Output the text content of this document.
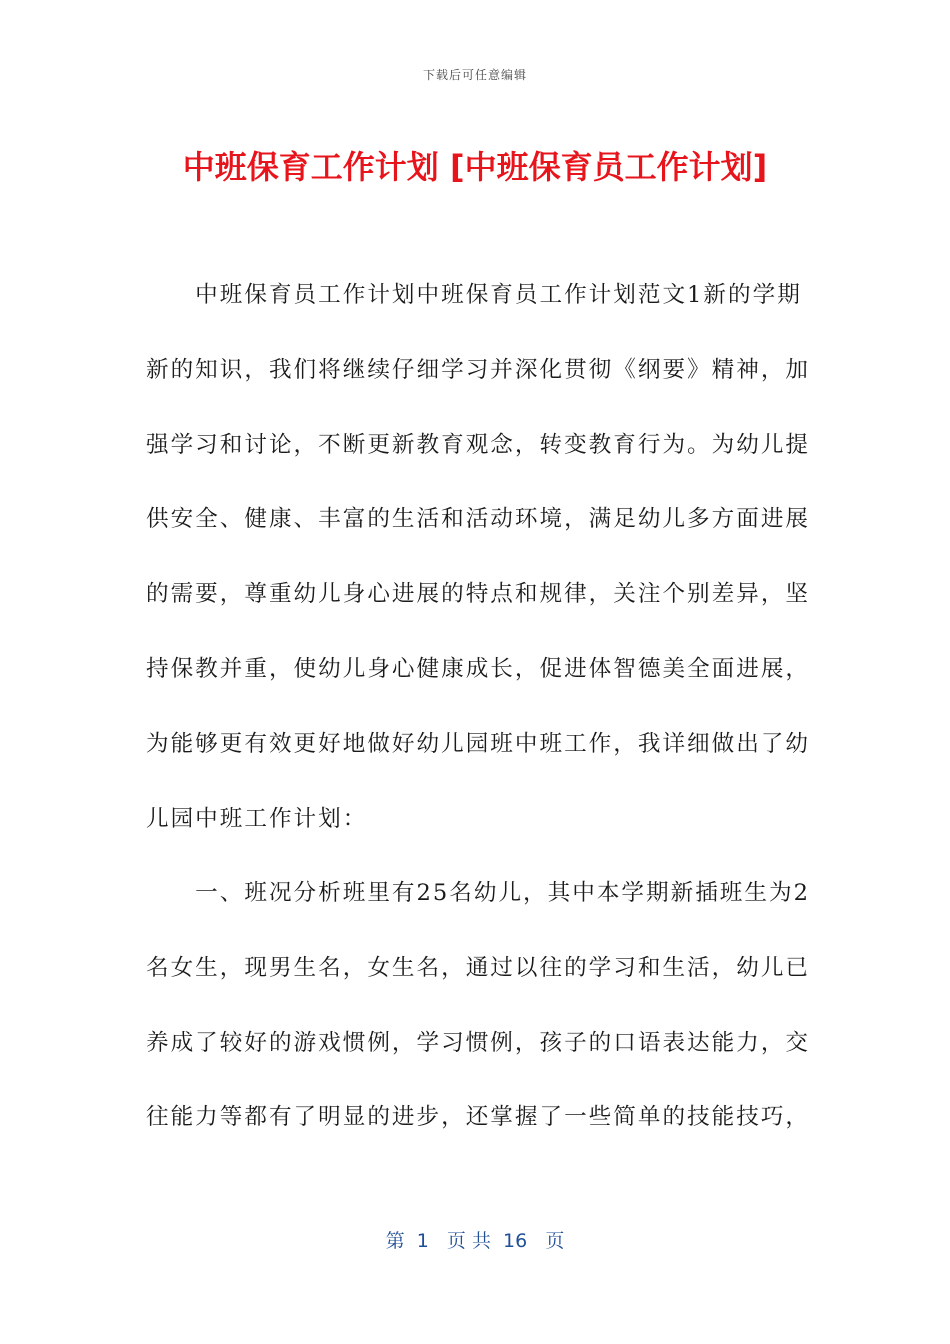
下载后可任意编辑
中班保育工作计划 [中班保育员工作计划]
　　中班保育员工作计划中班保育员工作计划范文1新的学期
新的知识，我们将继续仔细学习并深化贯彻《纲要》精神，加
强学习和讨论，不断更新教育观念，转变教育行为。为幼儿提
供安全、健康、丰富的生活和活动环境，满足幼儿多方面进展
的需要，尊重幼儿身心进展的特点和规律，关注个别差异，坚
持保教并重，使幼儿身心健康成长，促进体智德美全面进展，
为能够更有效更好地做好幼儿园班中班工作，我详细做出了幼
儿园中班工作计划：
　　一、班况分析班里有25名幼儿，其中本学期新插班生为2
名女生，现男生名，女生名，通过以往的学习和生活，幼儿已
养成了较好的游戏惯例，学习惯例，孩子的口语表达能力，交
往能力等都有了明显的进步，还掌握了一些简单的技能技巧，
第  1   页 共  16   页
